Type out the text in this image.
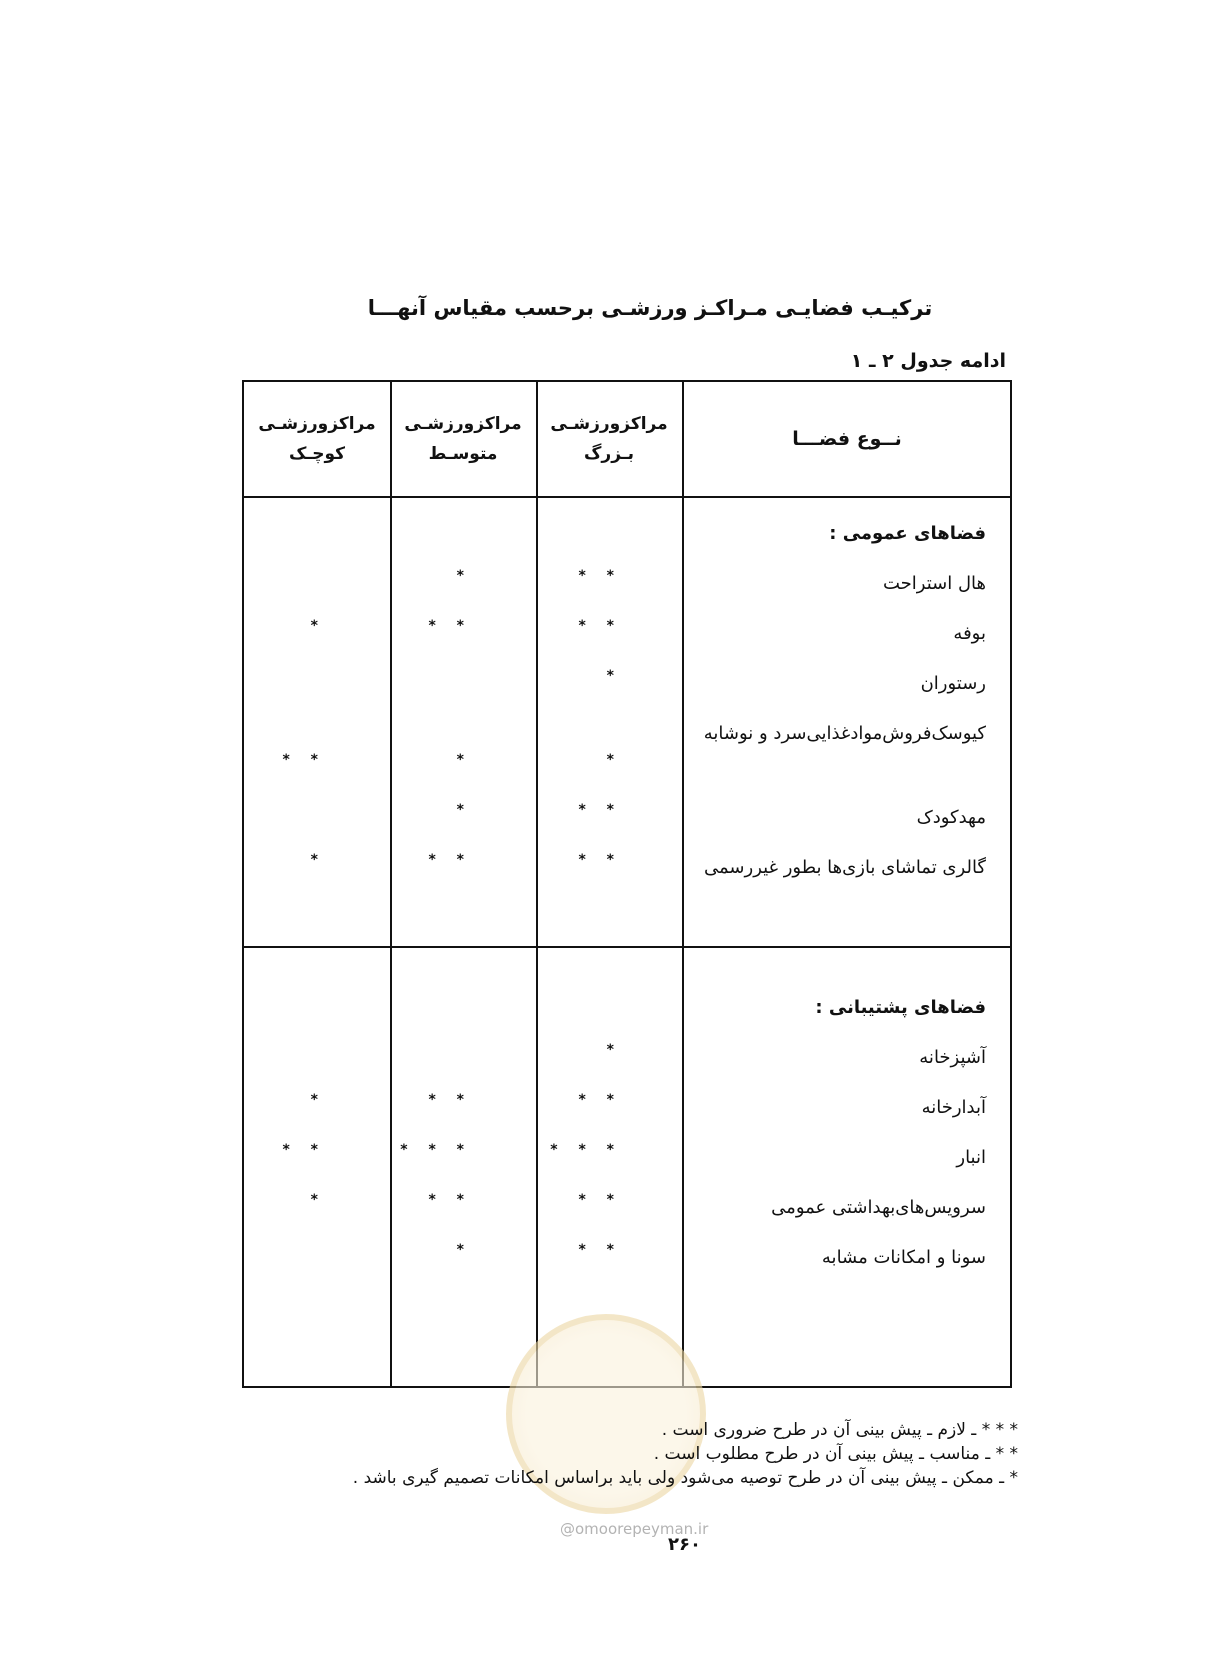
ترکیـب فضایـی مـراکـز ورزشـی برحسب مقیاس آنهـــا
ادامه جدول ۲ ـ ۱
نــوع فضـــا
مراکزورزشـی
بـزرگ
مراکزورزشـی
متوسـط
مراکزورزشـی
کوچـک
فضاهای عمومی :
هال استراحت
* *
*
بوفه
* *
* *
*
رستوران
*
کیوسک‌فروش‌موادغذایی‌سرد و نوشابه
*
*
* *
مهدکودک
* *
*
گالری تماشای بازی‌ها بطور غیررسمی
* *
* *
*
فضاهای پشتیبانی :
آشپزخانه
*
آبدارخانه
* *
* *
*
انبار
* * *
* * *
* *
سرویس‌های‌بهداشتی عمومی
* *
* *
*
سونا و امکانات مشابه
* *
*
* * * ـ لازم ـ پیش بینی آن در طرح ضروری است .
* * ـ مناسب ـ پیش بینی آن در طرح مطلوب است .
* ـ ممکن ـ پیش بینی آن در طرح توصیه می‌شود ولی باید براساس امکانات تصمیم گیری باشد .
@omoorepeyman.ir
۲۶۰
